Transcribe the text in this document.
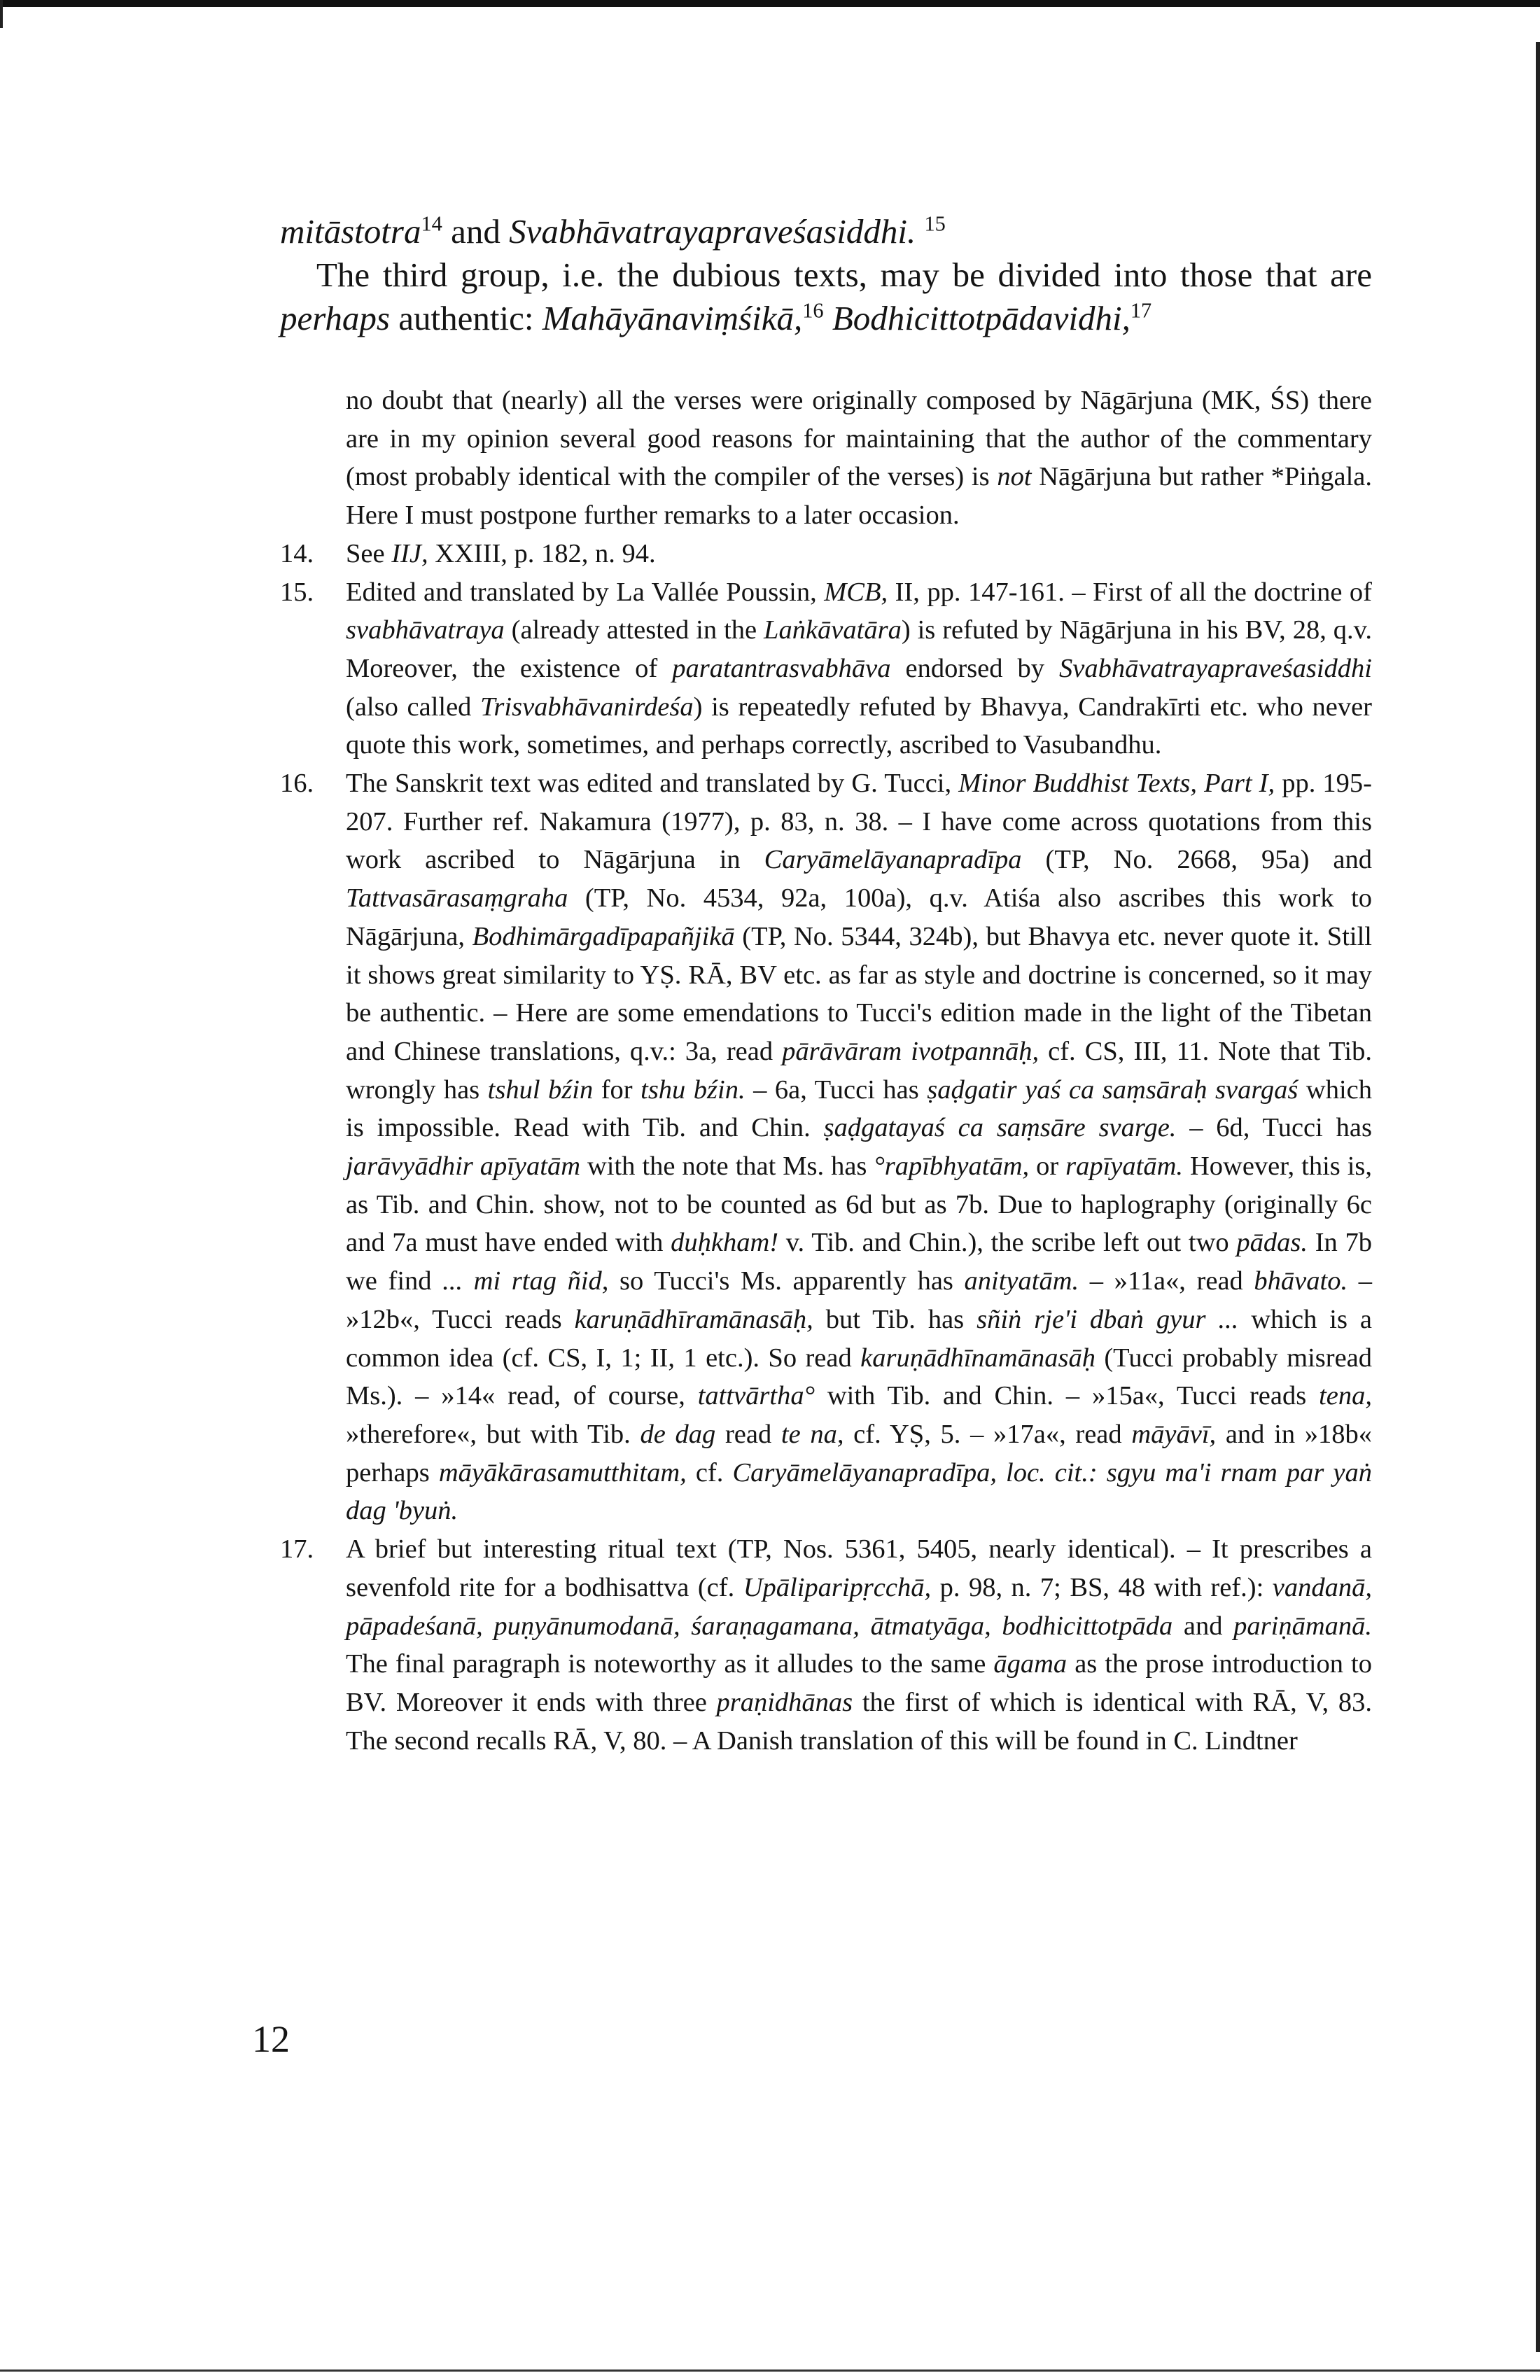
mitāstotra$^{14}$ and Svabhāvatrayapraveśasiddhi. $^{15}$

The third group, i.e. the dubious texts, may be divided into those that are perhaps authentic: Mahāyānaviṃśikā,$^{16}$ Bodhicittotpādavidhi,$^{17}$

no doubt that (nearly) all the verses were originally composed by Nāgārjuna (MK, ŚS) there are in my opinion several good reasons for maintaining that the author of the commentary (most probably identical with the compiler of the verses) is not Nāgārjuna but rather *Piṅgala. Here I must postpone further remarks to a later occasion.

14. See IIJ, XXIII, p. 182, n. 94.

15. Edited and translated by La Vallée Poussin, MCB, II, pp. 147-161. – First of all the doctrine of svabhāvatraya (already attested in the Laṅkāvatāra) is refuted by Nāgārjuna in his BV, 28, q.v. Moreover, the existence of paratantrasvabhāva endorsed by Svabhāvatrayapraveśasiddhi (also called Trisvabhāvanirdeśa) is repeatedly refuted by Bhavya, Candrakīrti etc. who never quote this work, sometimes, and perhaps correctly, ascribed to Vasubandhu.

16. The Sanskrit text was edited and translated by G. Tucci, Minor Buddhist Texts, Part I, pp. 195-207. Further ref. Nakamura (1977), p. 83, n. 38. – I have come across quotations from this work ascribed to Nāgārjuna in Caryāmelāyanapradīpa (TP, No. 2668, 95a) and Tattvasārasaṃgraha (TP, No. 4534, 92a, 100a), q.v. Atiśa also ascribes this work to Nāgārjuna, Bodhimārgadīpapañjikā (TP, No. 5344, 324b), but Bhavya etc. never quote it. Still it shows great similarity to YṢ. RĀ, BV etc. as far as style and doctrine is concerned, so it may be authentic. – Here are some emendations to Tucci's edition made in the light of the Tibetan and Chinese translations, q.v.: 3a, read pārāvāram ivotpannāḥ, cf. CS, III, 11. Note that Tib. wrongly has tshul bźin for tshu bźin. – 6a, Tucci has ṣaḍgatir yaś ca saṃsāraḥ svargaś which is impossible. Read with Tib. and Chin. ṣaḍgatayaś ca saṃsāre svarge. – 6d, Tucci has jarāvyādhir apīyatām with the note that Ms. has °rapībhyatām, or rapīyatām. However, this is, as Tib. and Chin. show, not to be counted as 6d but as 7b. Due to haplography (originally 6c and 7a must have ended with duḥkham! v. Tib. and Chin.), the scribe left out two pādas. In 7b we find ... mi rtag ñid, so Tucci's Ms. apparently has anityatām. – »11a«, read bhāvato. – »12b«, Tucci reads karuṇādhīramānasāḥ, but Tib. has sñiṅ rje'i dbaṅ gyur ... which is a common idea (cf. CS, I, 1; II, 1 etc.). So read karuṇādhīnamānasāḥ (Tucci probably misread Ms.). – »14« read, of course, tattvārtha° with Tib. and Chin. – »15a«, Tucci reads tena, »therefore«, but with Tib. de dag read te na, cf. YṢ, 5. – »17a«, read māyāvī, and in »18b« perhaps māyākārasamutthitam, cf. Caryāmelāyanapradīpa, loc. cit.: sgyu ma'i rnam par yaṅ dag 'byuṅ.

17. A brief but interesting ritual text (TP, Nos. 5361, 5405, nearly identical). – It prescribes a sevenfold rite for a bodhisattva (cf. Upāliparipṛcchā, p. 98, n. 7; BS, 48 with ref.): vandanā, pāpadeśanā, puṇyānumodanā, śaraṇagamana, ātmatyāga, bodhicittotpāda and pariṇāmanā. The final paragraph is noteworthy as it alludes to the same āgama as the prose introduction to BV. Moreover it ends with three praṇidhānas the first of which is identical with RĀ, V, 83. The second recalls RĀ, V, 80. – A Danish translation of this will be found in C. Lindtner

12
